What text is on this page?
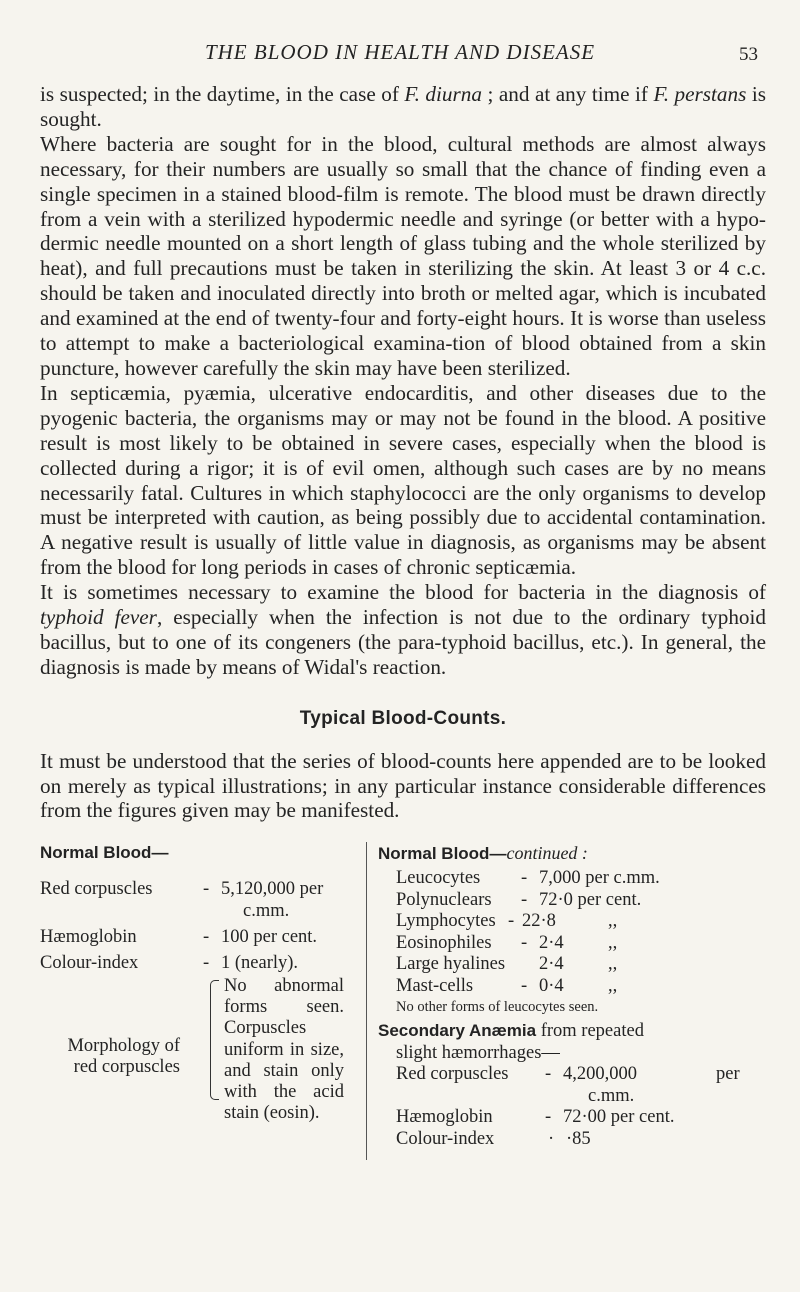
THE BLOOD IN HEALTH AND DISEASE	53

is suspected; in the daytime, in the case of F. diurna ; and at any time if F. perstans is sought.

Where bacteria are sought for in the blood, cultural methods are almost always necessary, for their numbers are usually so small that the chance of finding even a single specimen in a stained blood-film is remote. The blood must be drawn directly from a vein with a sterilized hypodermic needle and syringe (or better with a hypo-dermic needle mounted on a short length of glass tubing and the whole sterilized by heat), and full precautions must be taken in sterilizing the skin. At least 3 or 4 c.c. should be taken and inoculated directly into broth or melted agar, which is incubated and examined at the end of twenty-four and forty-eight hours. It is worse than useless to attempt to make a bacteriological examina-tion of blood obtained from a skin puncture, however carefully the skin may have been sterilized.

In septicæmia, pyæmia, ulcerative endocarditis, and other diseases due to the pyogenic bacteria, the organisms may or may not be found in the blood. A positive result is most likely to be obtained in severe cases, especially when the blood is collected during a rigor; it is of evil omen, although such cases are by no means necessarily fatal. Cultures in which staphylococci are the only organisms to develop must be interpreted with caution, as being possibly due to accidental contamination. A negative result is usually of little value in diagnosis, as organisms may be absent from the blood for long periods in cases of chronic septicæmia.

It is sometimes necessary to examine the blood for bacteria in the diagnosis of typhoid fever, especially when the infection is not due to the ordinary typhoid bacillus, but to one of its congeners (the para-typhoid bacillus, etc.). In general, the diagnosis is made by means of Widal's reaction.

Typical Blood-Counts.

It must be understood that the series of blood-counts here appended are to be looked on merely as typical illustrations; in any particular instance considerable differences from the figures given may be manifested.

Normal Blood—
Red corpuscles	- 5,120,000 per
c.mm.
Hæmoglobin	- 100 per cent.
Colour-index	- 1 (nearly).
Morphology of
red corpuscles
No abnormal forms seen. Corpuscles uniform in size, and stain only with the acid stain (eosin).
Normal Blood—continued :
Leucocytes - 7,000 per c.mm.
Polynuclears - 72·0 per cent.
Lymphocytes - 22·8	,,
Eosinophiles - 2·4 ,,
Large hyalines 2·4 ,,
Mast-cells	- 0·4 ,,
No other forms of leucocytes seen.
Secondary Anæmia from repeated
slight hæmorrhages—
Red corpuscles - 4,200,000	per
c.mm.
Hæmoglobin	- 72·00 per cent.
Colour-index	· ·85
